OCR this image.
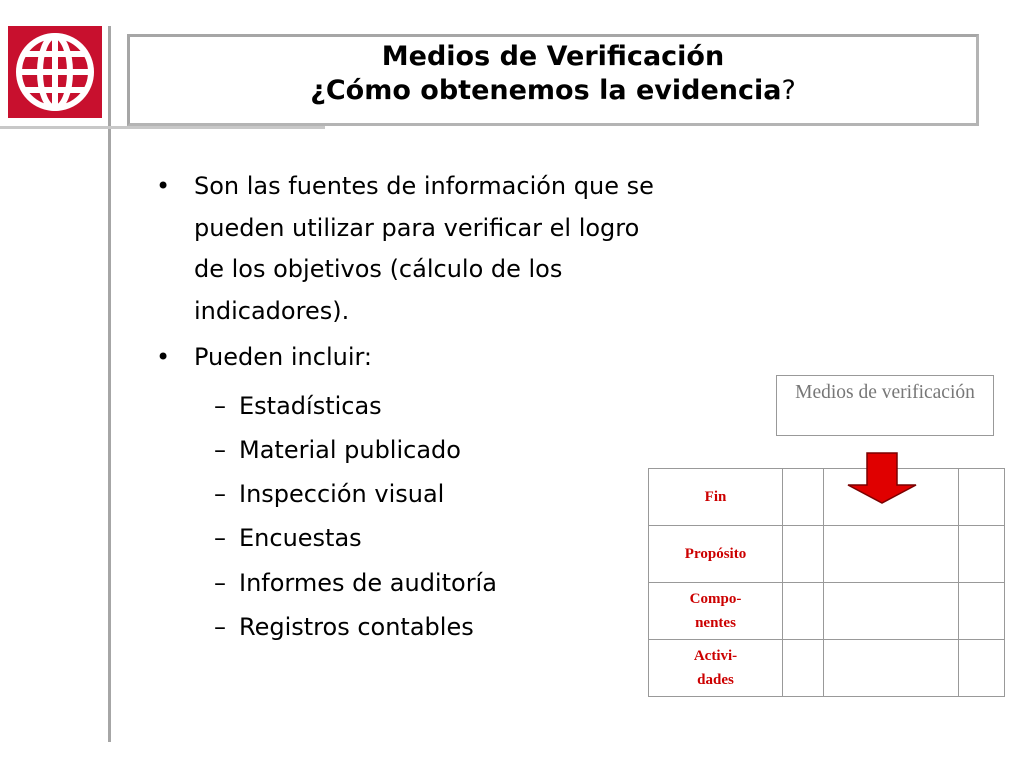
Medios de Verificación
¿Cómo obtenemos la evidencia?
• Son las fuentes de información que se pueden utilizar para verificar el logro de los objetivos (cálculo de los indicadores).
• Pueden incluir:
– Estadísticas
– Material publicado
– Inspección visual
– Encuestas
– Informes de auditoría
– Registros contables
Medios de verificación
Fin			
Propósito			
Compo-
nentes			
Activi-
dades			
